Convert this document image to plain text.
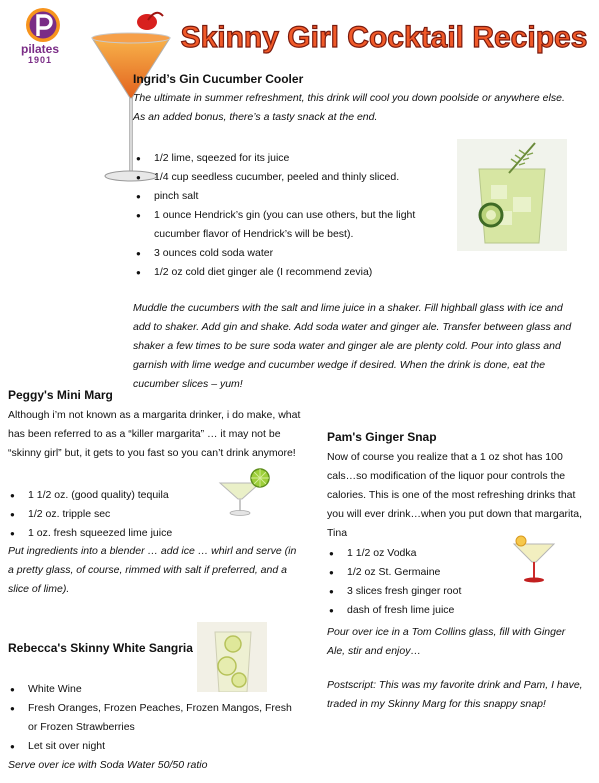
pilates
1901
Skinny Girl Cocktail Recipes
Ingrid’s Gin Cucumber Cooler

The ultimate in summer refreshment, this drink will cool you down poolside or anywhere else. As an added bonus, there’s a tasty snack at the end.

● 1/2 lime, sqeezed for its juice
● 1/4 cup seedless cucumber, peeled and thinly sliced.
● pinch salt
● 1 ounce Hendrick’s gin (you can use others, but the light cucumber flavor of Hendrick’s will be best).
● 3 ounces cold soda water
● 1/2 oz cold diet ginger ale (I recommend zevia)

Muddle the cucumbers with the salt and lime juice in a shaker. Fill highball glass with ice and add to shaker. Add gin and shake. Add soda water and ginger ale. Transfer between glass and shaker a few times to be sure soda water and ginger ale are plenty cold. Pour into glass and garnish with lime wedge and cucumber wedge if desired. When the drink is done, eat the cucumber slices – yum!

Peggy's Mini Marg

Although i’m not known as a margarita drinker, i do make, what has been referred to as a “killer margarita” … it may not be “skinny girl” but, it gets to you fast so you can’t drink anymore!

● 1 1/2 oz. (good quality) tequila
● 1/2 oz. tripple sec
● 1 oz. fresh squeezed lime juice

Put ingredients into a blender … add ice … whirl and serve (in a pretty glass, of course, rimmed with salt if preferred, and a slice of lime).

Pam's Ginger Snap

Now of course you realize that a 1 oz shot has 100 cals…so modification of the liquor pour controls the calories. This is one of the most refreshing drinks that you will ever drink…when you put down that margarita, Tina

● 1 1/2 oz Vodka
● 1/2 oz St. Germaine
● 3 slices fresh ginger root
● dash of fresh lime juice

Pour over ice in a Tom Collins glass, fill with Ginger Ale, stir and enjoy…

Postscript: This was my favorite drink and Pam, I have, traded in my Skinny Marg for this snappy snap!

Rebecca's Skinny White Sangria
● White Wine
● Fresh Oranges, Frozen Peaches, Frozen Mangos, Fresh or Frozen Strawberries
● Let sit over night

Serve over ice with Soda Water 50/50 ratio
